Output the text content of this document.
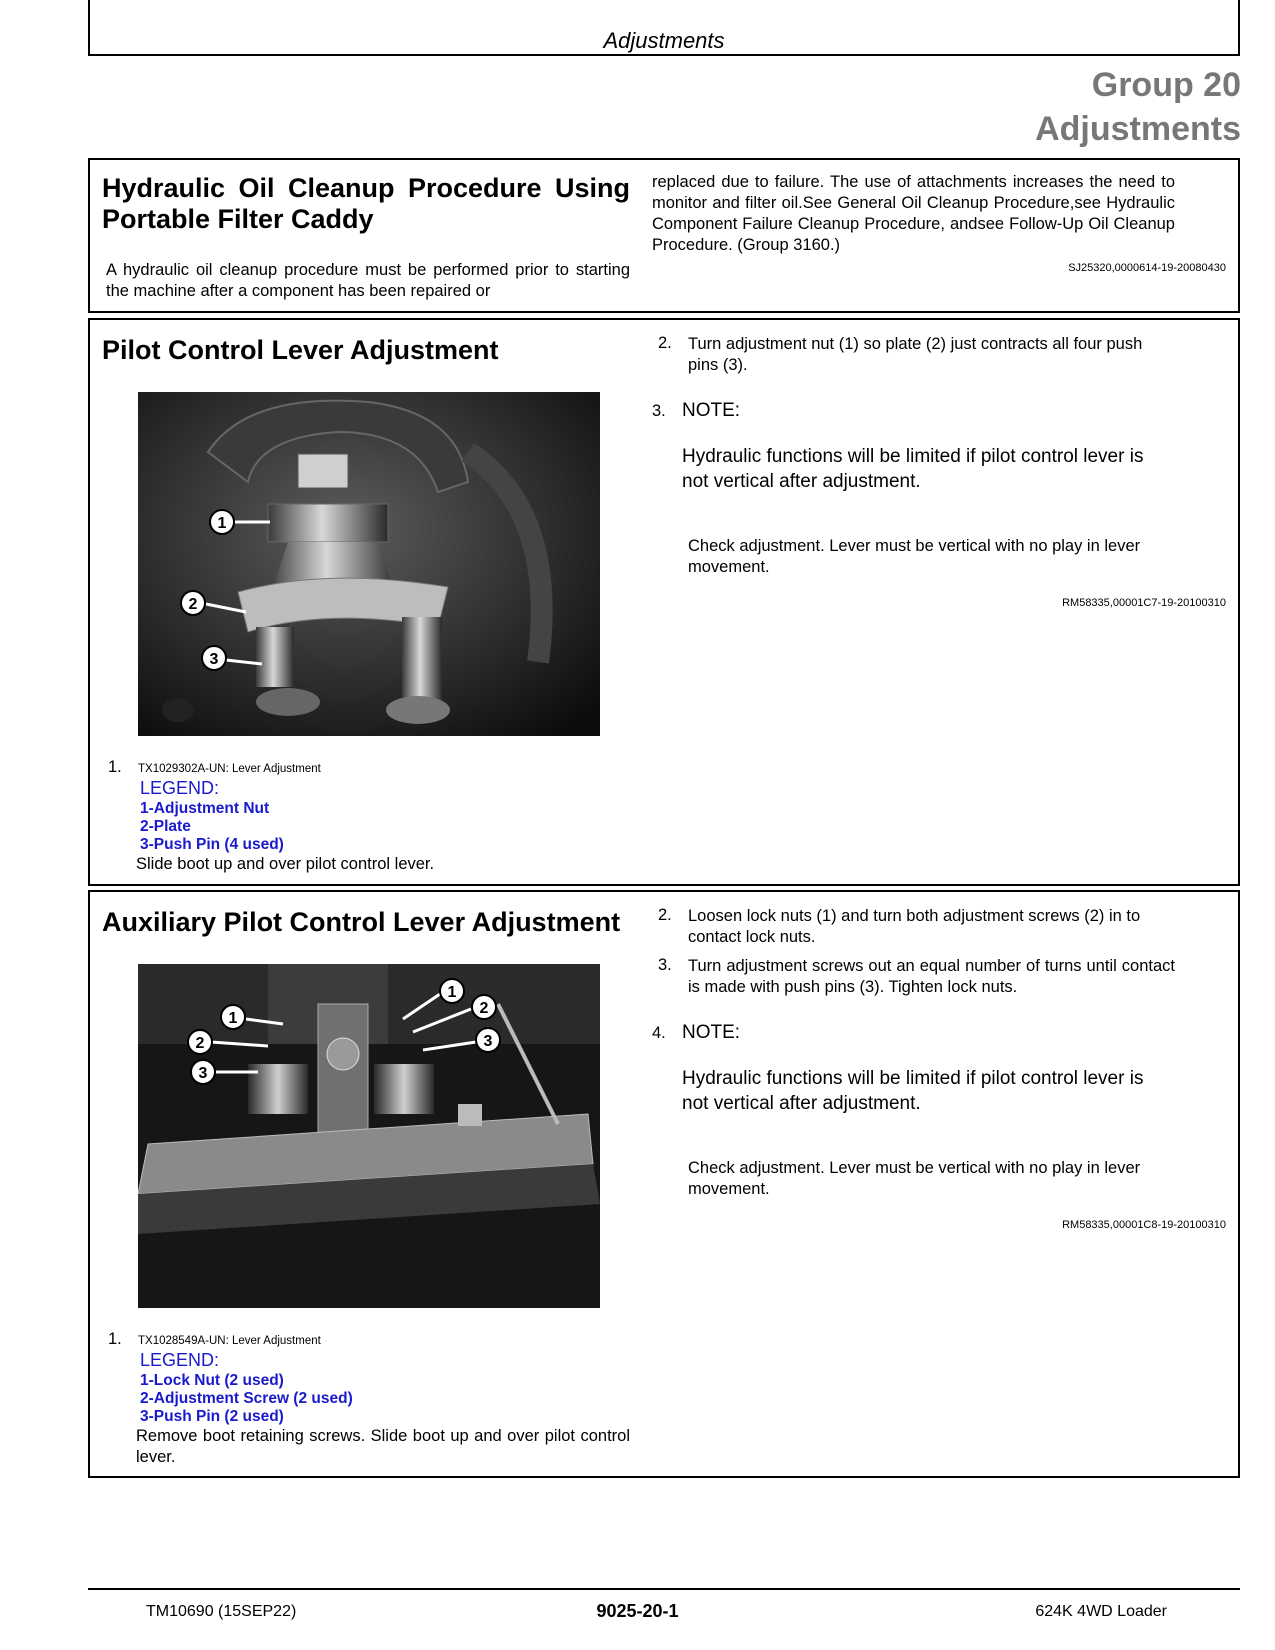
Adjustments
Group 20
Adjustments
Hydraulic Oil Cleanup Procedure Using
Portable Filter Caddy
A hydraulic oil cleanup procedure must be performed prior to starting the machine after a component has been repaired or
replaced due to failure. The use of attachments increases the need to monitor and filter oil.See General Oil Cleanup Procedure,see Hydraulic Component Failure Cleanup Procedure, andsee Follow-Up Oil Cleanup Procedure. (Group 3160.)
SJ25320,0000614-19-20080430
Pilot Control Lever Adjustment
1
2
3
1. TX1029302A-UN: Lever Adjustment
LEGEND:
1-Adjustment Nut
2-Plate
3-Push Pin (4 used)
Slide boot up and over pilot control lever.
2. Turn adjustment nut (1) so plate (2) just contracts all four push pins (3).
3. NOTE:
Hydraulic functions will be limited if pilot control lever is not vertical after adjustment.
Check adjustment. Lever must be vertical with no play in lever movement.
RM58335,00001C7-19-20100310
Auxiliary Pilot Control Lever Adjustment
1
2
3
1
2
3
1. TX1028549A-UN: Lever Adjustment
LEGEND:
1-Lock Nut (2 used)
2-Adjustment Screw (2 used)
3-Push Pin (2 used)
Remove boot retaining screws. Slide boot up and over pilot control lever.
2. Loosen lock nuts (1) and turn both adjustment screws (2) in to contact lock nuts.
3. Turn adjustment screws out an equal number of turns until contact is made with push pins (3). Tighten lock nuts.
4. NOTE:
Hydraulic functions will be limited if pilot control lever is not vertical after adjustment.
Check adjustment. Lever must be vertical with no play in lever movement.
RM58335,00001C8-19-20100310
TM10690 (15SEP22)	9025-20-1	624K 4WD Loader
